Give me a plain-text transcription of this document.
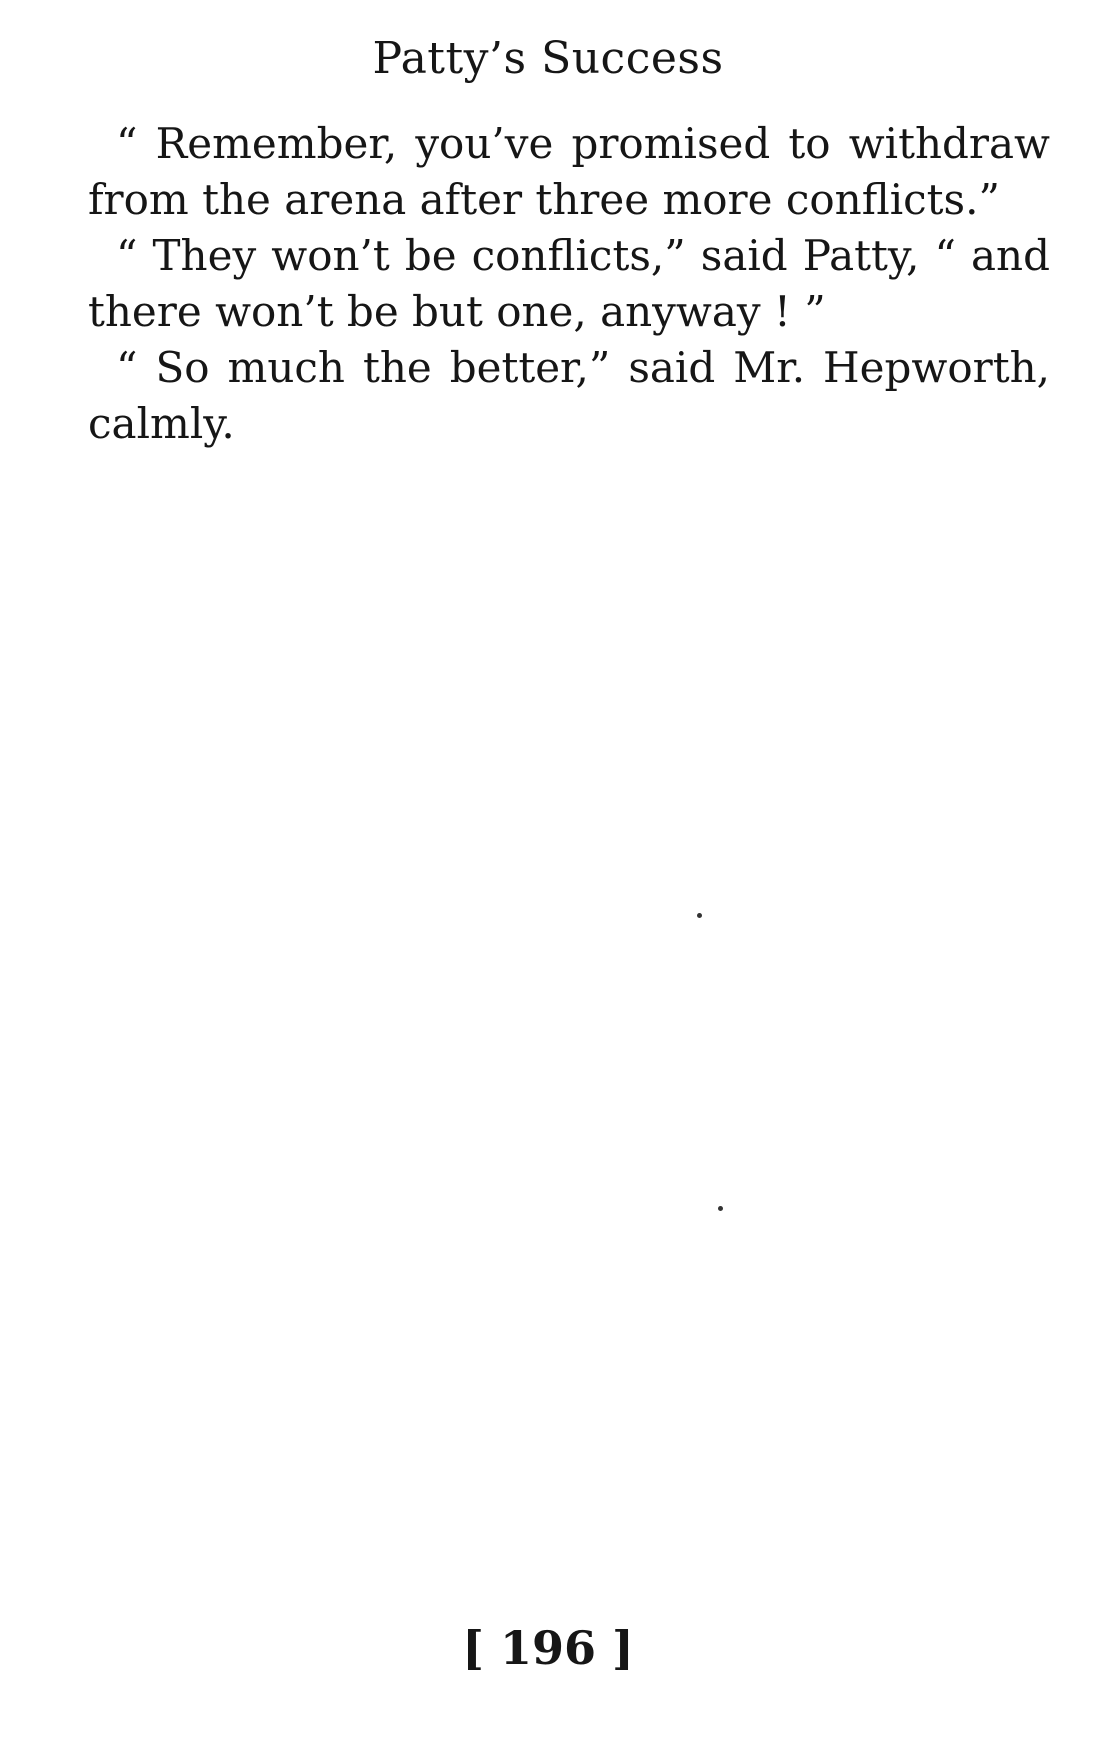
Patty’s Success

“ Remember, you’ve promised to withdraw from the arena after three more conflicts.”

“ They won’t be conflicts,” said Patty, “ and there won’t be but one, anyway ! ”

“ So much the better,” said Mr. Hepworth, calmly.

[ 196 ]
